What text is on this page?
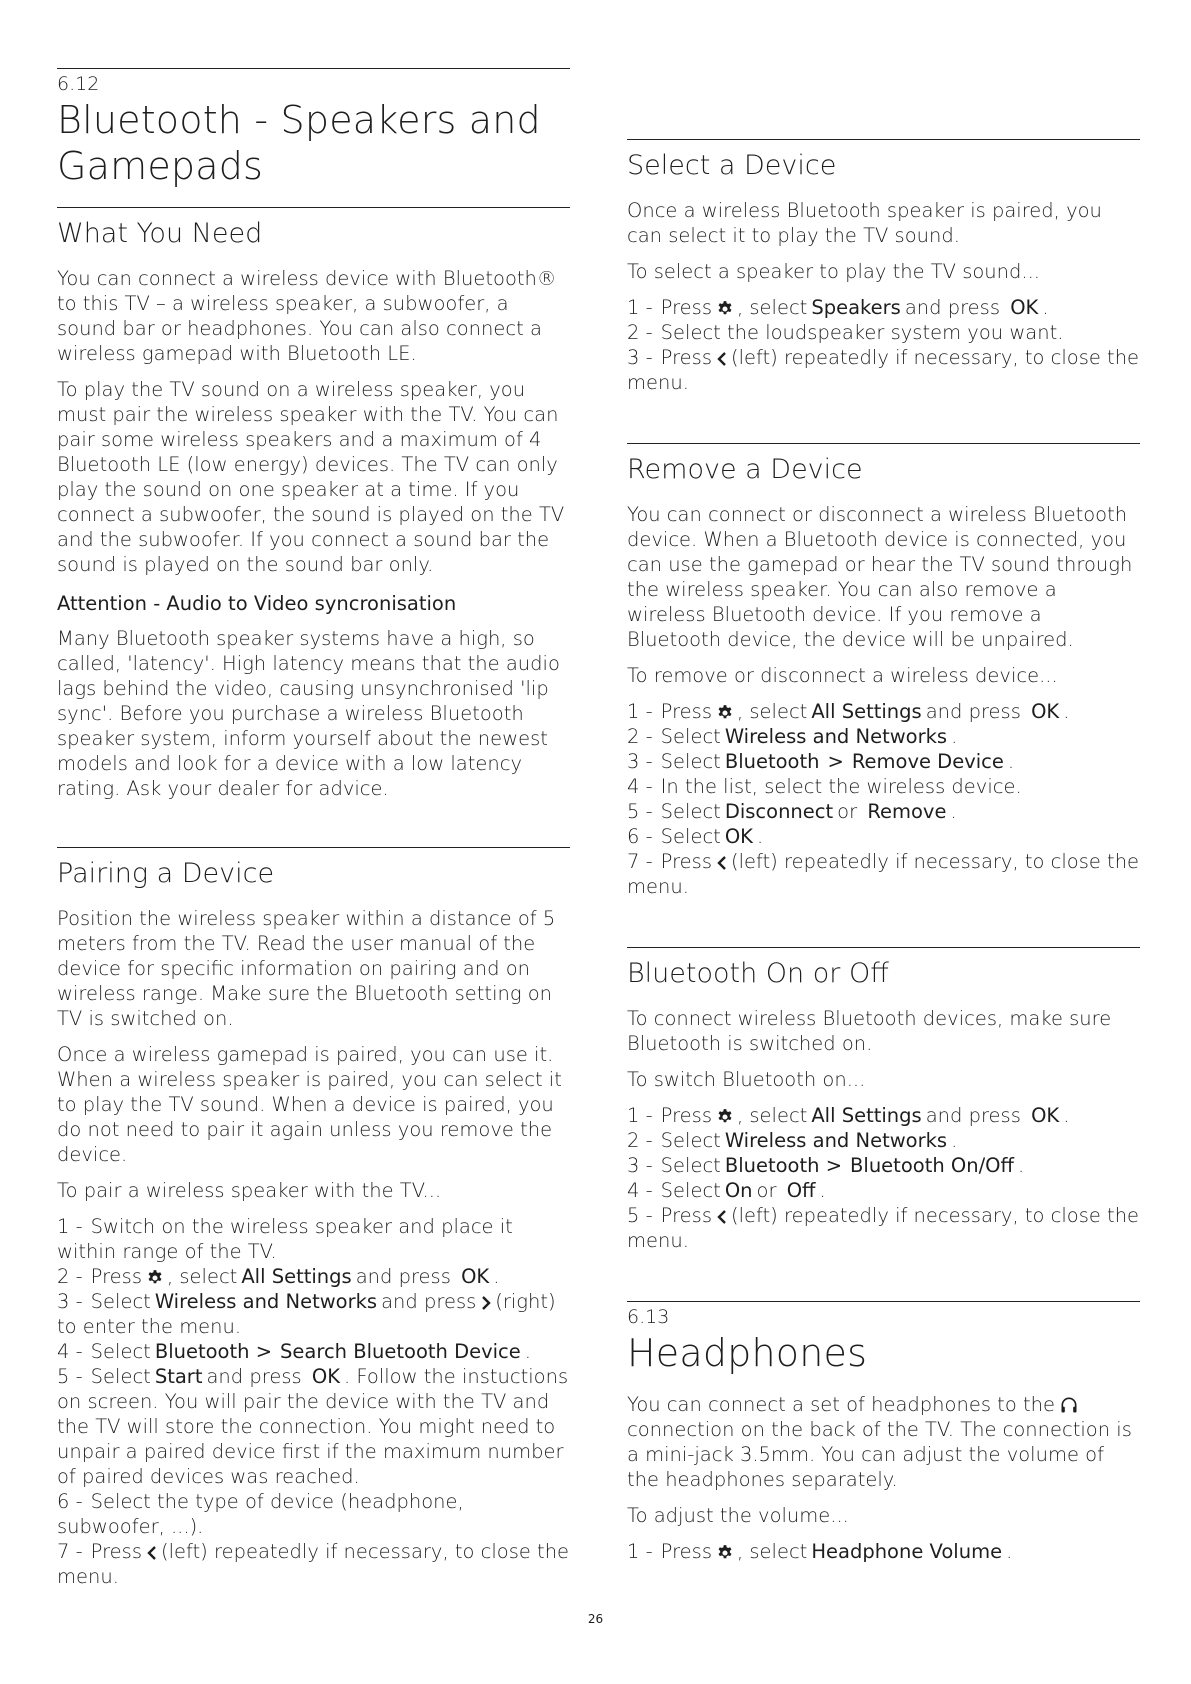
6.12
Bluetooth - Speakers and Gamepads
What You Need

You can connect a wireless device with Bluetooth® to this TV – a wireless speaker, a subwoofer, a sound bar or headphones. You can also connect a wireless gamepad with Bluetooth LE.

To play the TV sound on a wireless speaker, you must pair the wireless speaker with the TV. You can pair some wireless speakers and a maximum of 4 Bluetooth LE (low energy) devices. The TV can only play the sound on one speaker at a time. If you connect a subwoofer, the sound is played on the TV and the subwoofer. If you connect a sound bar the sound is played on the sound bar only.

Attention - Audio to Video syncronisation

Many Bluetooth speaker systems have a high, so called, 'latency'. High latency means that the audio lags behind the video, causing unsynchronised 'lip sync'. Before you purchase a wireless Bluetooth speaker system, inform yourself about the newest models and look for a device with a low latency rating. Ask your dealer for advice.

Pairing a Device

Position the wireless speaker within a distance of 5 meters from the TV. Read the user manual of the device for specific information on pairing and on wireless range. Make sure the Bluetooth setting on TV is switched on.

Once a wireless gamepad is paired, you can use it. When a wireless speaker is paired, you can select it to play the TV sound. When a device is paired, you do not need to pair it again unless you remove the device.

To pair a wireless speaker with the TV...

1 - Switch on the wireless speaker and place it within range of the TV.
2 - Press , select All Settings and press OK .
3 - Select Wireless and Networks and press (right) to enter the menu.
4 - Select Bluetooth > Search Bluetooth Device .
5 - Select Start and press OK . Follow the instuctions on screen. You will pair the device with the TV and the TV will store the connection. You might need to unpair a paired device first if the maximum number of paired devices was reached.
6 - Select the type of device (headphone, subwoofer, ...).
7 - Press (left) repeatedly if necessary, to close the menu.
Select a Device

Once a wireless Bluetooth speaker is paired, you can select it to play the TV sound.

To select a speaker to play the TV sound...

1 - Press , select Speakers and press OK .
2 - Select the loudspeaker system you want.
3 - Press (left) repeatedly if necessary, to close the menu.
Remove a Device

You can connect or disconnect a wireless Bluetooth device. When a Bluetooth device is connected, you can use the gamepad or hear the TV sound through the wireless speaker. You can also remove a wireless Bluetooth device. If you remove a Bluetooth device, the device will be unpaired.

To remove or disconnect a wireless device...

1 - Press , select All Settings and press OK .
2 - Select Wireless and Networks .
3 - Select Bluetooth > Remove Device .
4 - In the list, select the wireless device.
5 - Select Disconnect or Remove .
6 - Select OK .
7 - Press (left) repeatedly if necessary, to close the menu.
Bluetooth On or Off

To connect wireless Bluetooth devices, make sure Bluetooth is switched on.

To switch Bluetooth on...

1 - Press , select All Settings and press OK .
2 - Select Wireless and Networks .
3 - Select Bluetooth > Bluetooth On/Off .
4 - Select On or Off .
5 - Press (left) repeatedly if necessary, to close the menu.
6.13
Headphones

You can connect a set of headphones to the
connection on the back of the TV. The connection is a mini-jack 3.5mm. You can adjust the volume of the headphones separately.

To adjust the volume...

1 - Press , select Headphone Volume .
26
